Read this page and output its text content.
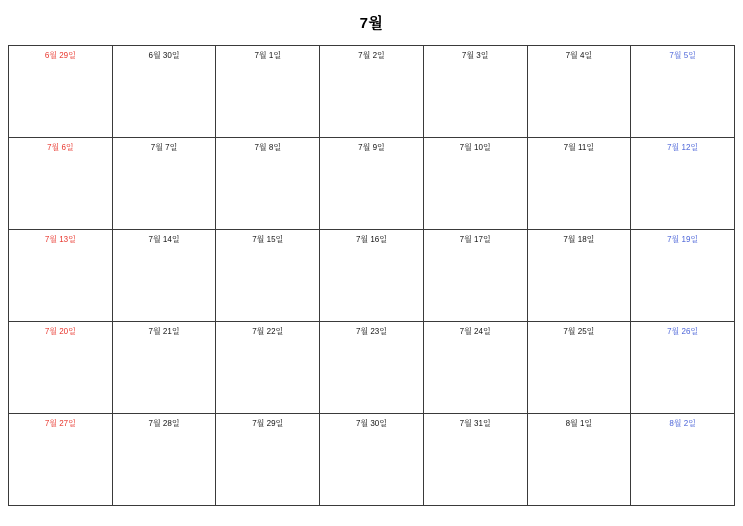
7월
6월 29일	6월 30일	7월 1일	7월 2일	7월 3일	7월 4일	7월 5일

7월 6일	7월 7일	7월 8일	7월 9일	7월 10일	7월 11일	7월 12일

7월 13일	7월 14일	7월 15일	7월 16일	7월 17일	7월 18일	7월 19일

7월 20일	7월 21일	7월 22일	7월 23일	7월 24일	7월 25일	7월 26일

7월 27일	7월 28일	7월 29일	7월 30일	7월 31일	8월 1일	8월 2일
